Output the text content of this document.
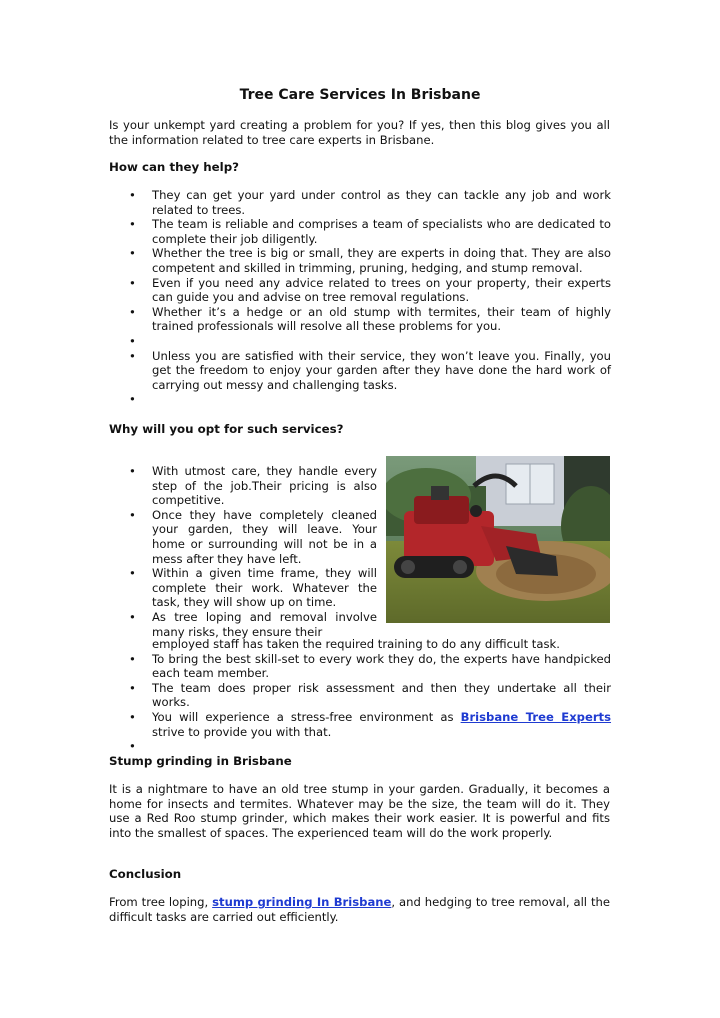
Tree Care Services In Brisbane
Is your unkempt yard creating a problem for you? If yes, then this blog gives you all the information related to tree care experts in Brisbane.
How can they help?
• They can get your yard under control as they can tackle any job and work related to trees.
• The team is reliable and comprises a team of specialists who are dedicated to complete their job diligently.
• Whether the tree is big or small, they are experts in doing that. They are also competent and skilled in trimming, pruning, hedging, and stump removal.
• Even if you need any advice related to trees on your property, their experts can guide you and advise on tree removal regulations.
• Whether it’s a hedge or an old stump with termites, their team of highly trained professionals will resolve all these problems for you.
•
• Unless you are satisfied with their service, they won’t leave you. Finally, you get the freedom to enjoy your garden after they have done the hard work of carrying out messy and challenging tasks.
•
Why will you opt for such services?
• With utmost care, they handle every step of the job.Their pricing is also competitive.
• Once they have completely cleaned your garden, they will leave. Your home or surrounding will not be in a mess after they have left.
• Within a given time frame, they will complete their work. Whatever the task, they will show up on time.
• As tree loping and removal involve many risks, they ensure their
employed staff has taken the required training to do any difficult task.
• To bring the best skill-set to every work they do, the experts have handpicked each team member.
• The team does proper risk assessment and then they undertake all their works.
• You will experience a stress-free environment as Brisbane Tree Experts strive to provide you with that.
•
Stump grinding in Brisbane
It is a nightmare to have an old tree stump in your garden. Gradually, it becomes a home for insects and termites. Whatever may be the size, the team will do it. They use a Red Roo stump grinder, which makes their work easier. It is powerful and fits into the smallest of spaces. The experienced team will do the work properly.
Conclusion
From tree loping, stump grinding In Brisbane, and hedging to tree removal, all the difficult tasks are carried out efficiently.
